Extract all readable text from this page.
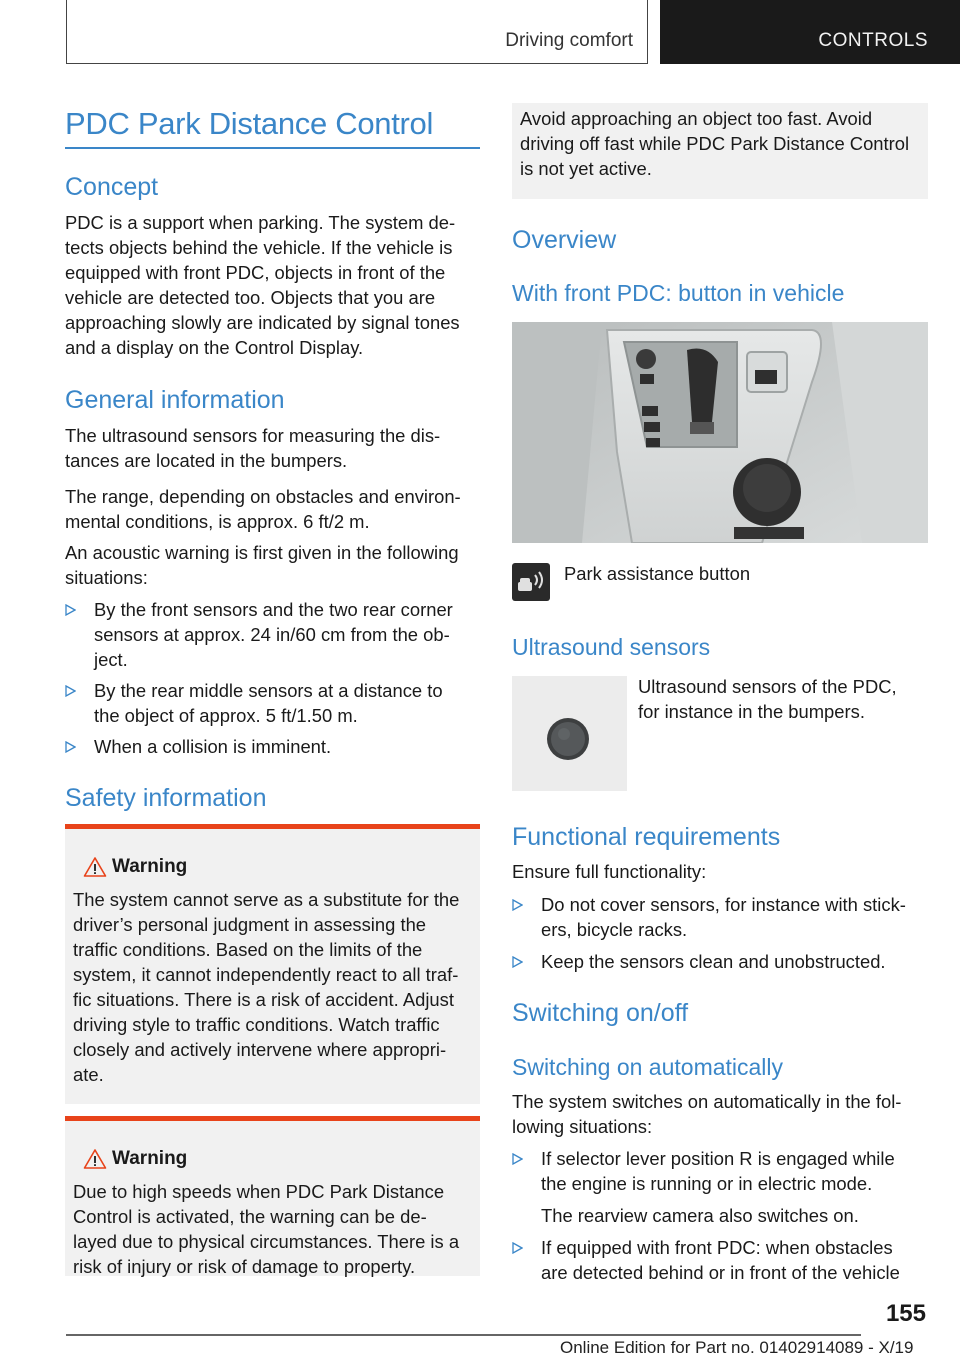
Driving comfort	CONTROLS
PDC Park Distance Control
Concept

PDC is a support when parking. The system de‐

tects objects behind the vehicle. If the vehicle is

equipped with front PDC, objects in front of the

vehicle are detected too. Objects that you are

approaching slowly are indicated by signal tones

and a display on the Control Display.

General information

The ultrasound sensors for measuring the dis‐

tances are located in the bumpers.

The range, depending on obstacles and environ‐

mental conditions, is approx. 6 ft/2 m.

An acoustic warning is first given in the following

situations:

By the front sensors and the two rear corner
sensors at approx. 24 in/60 cm from the ob‐
ject.
By the rear middle sensors at a distance to
the object of approx. 5 ft/1.50 m.
When a collision is imminent.
Safety information
Warning
The system cannot serve as a substitute for the
driver’s personal judgment in assessing the
traffic conditions. Based on the limits of the
system, it cannot independently react to all traf‐
fic situations. There is a risk of accident. Adjust
driving style to traffic conditions. Watch traffic
closely and actively intervene where appropri‐
ate.
Warning
Due to high speeds when PDC Park Distance
Control is activated, the warning can be de‐
layed due to physical circumstances. There is a
risk of injury or risk of damage to property.
Avoid approaching an object too fast. Avoid
driving off fast while PDC Park Distance Control
is not yet active.
Overview
With front PDC: button in vehicle
Park assistance button
Ultrasound sensors
Ultrasound sensors of the PDC,
for instance in the bumpers.
Functional requirements
Ensure full functionality:
Do not cover sensors, for instance with stick‐
ers, bicycle racks.
Keep the sensors clean and unobstructed.
Switching on/off
Switching on automatically
The system switches on automatically in the fol‐
lowing situations:
If selector lever position R is engaged while
the engine is running or in electric mode.
The rearview camera also switches on.
If equipped with front PDC: when obstacles
are detected behind or in front of the vehicle
155
Online Edition for Part no. 01402914089 - X/19
